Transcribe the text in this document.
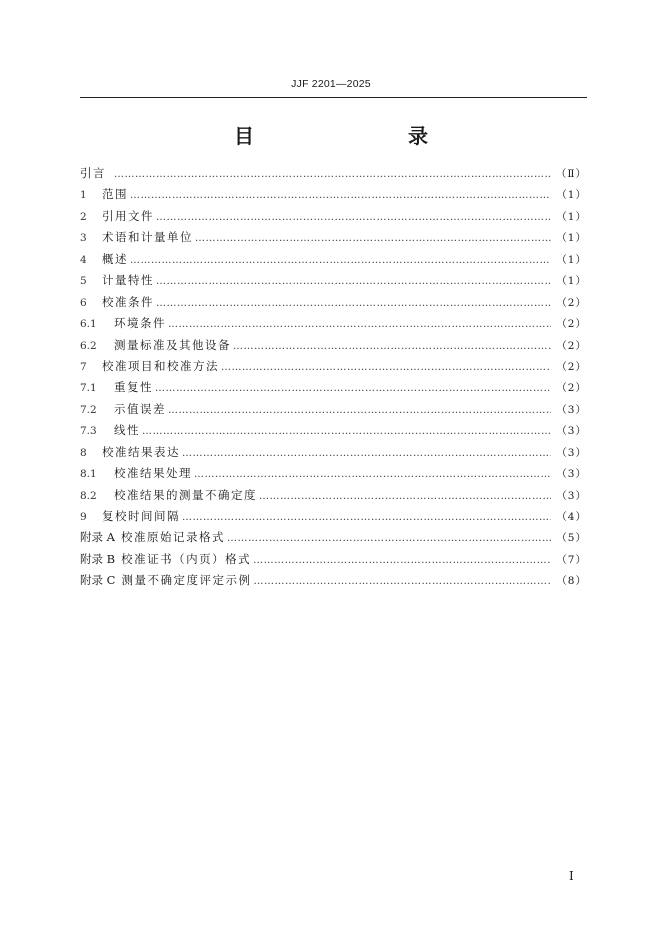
JJF 2201—2025
目　　录
引言 ………………………………………………………………………………………………………………………………………………………………………………………………	（Ⅱ）
1	范围 ………………………………………………………………………………………………………………………………………………………………………………………………	（1）
2	引用文件 ………………………………………………………………………………………………………………………………………………………………………………………………	（1）
3	术语和计量单位 ………………………………………………………………………………………………………………………………………………………………………………………………	（1）
4	概述 ………………………………………………………………………………………………………………………………………………………………………………………………	（1）
5	计量特性 ………………………………………………………………………………………………………………………………………………………………………………………………	（1）
6	校准条件 ………………………………………………………………………………………………………………………………………………………………………………………………	（2）
6.1	环境条件 ………………………………………………………………………………………………………………………………………………………………………………………………	（2）
6.2	测量标准及其他设备 ………………………………………………………………………………………………………………………………………………………………………………………………	（2）
7	校准项目和校准方法 ………………………………………………………………………………………………………………………………………………………………………………………………	（2）
7.1	重复性 ………………………………………………………………………………………………………………………………………………………………………………………………	（2）
7.2	示值误差 ………………………………………………………………………………………………………………………………………………………………………………………………	（3）
7.3	线性 ………………………………………………………………………………………………………………………………………………………………………………………………	（3）
8	校准结果表达 ………………………………………………………………………………………………………………………………………………………………………………………………	（3）
8.1	校准结果处理 ………………………………………………………………………………………………………………………………………………………………………………………………	（3）
8.2	校准结果的测量不确定度 ………………………………………………………………………………………………………………………………………………………………………………………………	（3）
9	复校时间间隔 ………………………………………………………………………………………………………………………………………………………………………………………………	（4）
附录 A 校准原始记录格式 ………………………………………………………………………………………………………………………………………………………………………………………………	（5）
附录 B 校准证书（内页）格式 ………………………………………………………………………………………………………………………………………………………………………………………………	（7）
附录 C 测量不确定度评定示例 ………………………………………………………………………………………………………………………………………………………………………………………………	（8）
I
